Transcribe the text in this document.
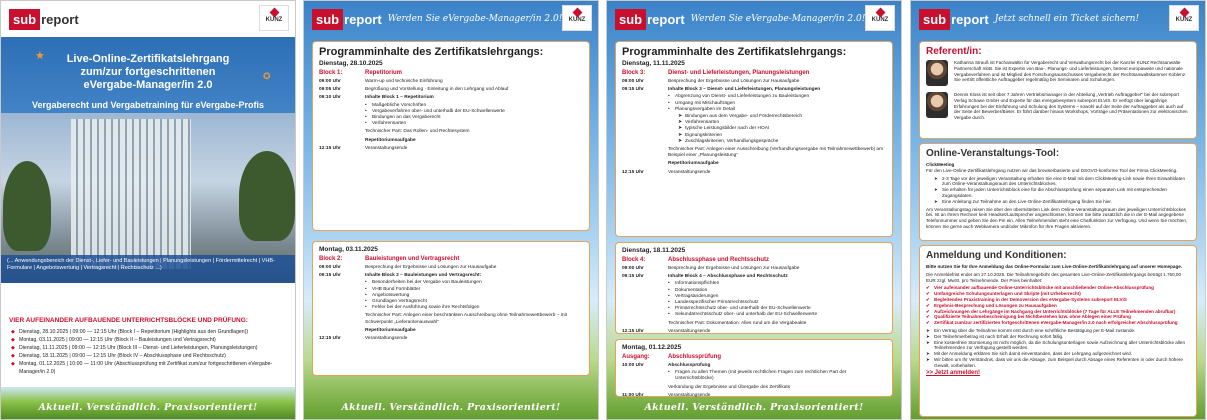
sub report	KUNZ
★
✪
Live-Online-Zertifikatslehrgang
zum/zur fortgeschrittenen
eVergabe-Manager/in 2.0
Vergaberecht und Vergabetraining für eVergabe-Profis
(... Anwendungsbereich der Dienst-, Liefer- und Bauleistungen | Planungsleistungen | Fördermittelrecht | VHB-Formulare | Angebotswertung | Vertragsrecht | Rechtsschutz ...)
VIER AUFEINANDER AUFBAUENDE UNTERRICHTSBLÖCKE UND PRÜFUNG:
◆ Dienstag, 28.10.2025 | 09:00 — 12:15 Uhr (Block I – Repetitorium (Highlights aus den Grundlagen))
◆ Montag, 03.11.2025 | 09:00 — 12:15 Uhr (Block II – Bauleistungen und Vertragsrecht)
◆ Dienstag, 11.11.2025 | 09:00 — 12:15 Uhr (Block III – Dienst- und Lieferleistungen, Planungsleistungen)
◆ Dienstag, 18.11.2025 | 09:00 — 12:15 Uhr (Block IV – Abschlussphase und Rechtsschutz)
◆ Montag, 01.12.2025 | 10:00 — 11:00 Uhr (Abschlussprüfung mit Zertifikat zum/zur fortgeschrittenen eVergabe-Manager/in 2.0)
Aktuell. Verständlich. Praxisorientiert!
sub report Werden Sie eVergabe-Manager/in 2.0!	KUNZ
Programminhalte des Zertifikatslehrgangs:
Dienstag, 28.10.2025
Block 1:	Repetitorium
09:00 Uhr	Warm-up und technische Einführung
09:05 Uhr	Begrüßung und Vorstellung · Einleitung in den Lehrgang und Ablauf
09:10 Uhr	Inhalte Block 1 – Repetitorium
• Maßgebliche Vorschriften
• Vergabeverfahren ober- und unterhalb der EU-Schwellenwerte
• Bindungen an das Vergaberecht
• Verfahrensarten
Technischer Part: Das Rollen- und Rechtesystem
Repetitoriumsaufgabe
12:15 Uhr	Veranstaltungsende
Montag, 03.11.2025
Block 2:	Bauleistungen und Vertragsrecht
09:00 Uhr	Besprechung der Ergebnisse und Lösungen zur Hausaufgabe
09:15 Uhr	Inhalte Block 2 – Bauleistungen und Vertragsrecht:
• Besonderheiten bei der Vergabe von Bauleistungen
• VHB Bund Formblätter
• Angebotswertung
• Grundlagen Vertragsrecht
• Fehler bei der Ausführung sowie ihre Rechtsfolgen
Technischer Part: Anlegen einer beschränkten Ausschreibung ohne Teilnahmewettbewerb – mit Schwerpunkt „Lieferantenauswahl“
Repetitoriumsaufgabe
12:15 Uhr	Veranstaltungsende
Aktuell. Verständlich. Praxisorientiert!
sub report Werden Sie eVergabe-Manager/in 2.0!	KUNZ
Programminhalte des Zertifikatslehrgangs:
Dienstag, 11.11.2025
Block 3:	Dienst- und Lieferleistungen, Planungsleistungen
09:00 Uhr	Besprechung der Ergebnisse und Lösungen zur Hausaufgabe
09:15 Uhr	Inhalte Block 3 – Dienst- und Lieferleistungen, Planungsleistungen
• Abgrenzung von Dienst- und Lieferleistungen zu Bauleistungen
• Umgang mit Mischaufträgen
• Planungsvergaben im Detail
➤ Bindungen aus dem Vergabe- und Förderrechtsbereich
➤ Verfahrensarten
➤ typische Leistungsbilder nach der HOAI
➤ Eignungskriterien
➤ Zuschlagskriterien, Verhandlungsgespräche
Technischer Part: Anlegen einer Ausschreibung (Verhandlungsvergabe mit Teilnahmewettbewerb) am Beispiel einer „Planungsleistung“
Repetitoriumsaufgabe
12:15 Uhr	Veranstaltungsende
Dienstag, 18.11.2025
Block 4:	Abschlussphase und Rechtsschutz
09:00 Uhr	Besprechung der Ergebnisse und Lösungen zur Hausaufgabe
09:15 Uhr	Inhalte Block 4 – Abschlussphase und Rechtsschutz
• Informationspflichten
• Dokumentation
• Vertragsänderungen
• Landesspezifischer Primärrechtsschutz
• Primärrechtsschutz ober- und unterhalb der EU-Schwellenwerte
• Sekundärrechtsschutz ober- und unterhalb der EU-Schwellenwerte
Technischer Part: Dokumentation: Alles rund um die Vergabeakte
12:15 Uhr	Veranstaltungsende
Montag, 01.12.2025
Ausgang:	Abschlussprüfung
10:00 Uhr	Abschlussprüfung
• Fragen zu allen Themen (mit jeweils rechtlichen Fragen zum rechtlichen Part der Unterrichtsblöcke)
Verkündung der Ergebnisse und Übergabe des Zertifikats
11:00 Uhr	Veranstaltungsende
Aktuell. Verständlich. Praxisorientiert!
sub report Jetzt schnell ein Ticket sichern!	KUNZ
Referent/in:
Katharina Strauß ist Fachanwältin für Vergaberecht und Verwaltungsrecht bei der Kanzlei KUNZ Rechtsanwälte Partnerschaft mbB. Sie ist Expertin von Bau-, Planungs- und Lieferleistungen, betreut europaweite und nationale Vergabeverfahren und ist Mitglied des Forschungsausschusses Vergaberecht der Rechtsanwaltskammer Koblenz. Sie vertritt öffentliche Auftraggeber regelmäßig bei Seminaren und Schulungen.
Dennis Kloss ist seit über 7 Jahren Vertriebsmanager in der Abteilung „Vertrieb Auftraggeber“ bei der subreport Verlag Schawe GmbH und Experte für das eVergabesystem subreport ELViS. Er verfügt über langjährige Erfahrungen bei der Einführung und Schulung des Systems – sowohl auf der Seite der Auftraggeber als auch auf der Seite der Bewerber/Bieter. Er führt darüber hinaus Workshops, Vorträge und Präsentationen zur elektronischen Vergabe durch.
Online-Veranstaltungs-Tool:
ClickMeeting
Für den Live-Online-Zertifikatslehrgang nutzen wir das browserbasierte und DSGVO-konforme Tool der Firma ClickMeeting.
➤ 2-3 Tage vor der jeweiligen Veranstaltung erhalten Sie eine E-Mail mit dem ClickMeeting-Link sowie Ihren Einwahldaten zum Online-Veranstaltungsraum des Unterrichtsblockes.
➤ Sie erhalten für jeden Unterrichtsblock eine für die Abschlussprüfung einen separaten Link mit entsprechenden Zugangsdaten.
➤ Eine Anleitung zur Teilnahme an den Live-Online-Zertifikatslehrgang finden Sie hier.
Am Veranstaltungstag reisen Sie über den übermittelten Link dem Online-Veranstaltungsraum des jeweiligen Unterrichtsblockes bei. Ist an Ihrem Rechner kein Headset/Lautsprecher angeschlossen, können Sie bitte zusätzlich die in der E-Mail angegebene Telefonnummer und geben Sie den Pin ein. Allen Teilnehmenden steht eine Chatfunktion zur Verfügung. Und wenn Sie möchten, können Sie gerne auch Webkamera und/oder Mikrofon für Ihre Fragen aktivieren.
Anmeldung und Konditionen:
Bitte nutzen Sie für Ihre Anmeldung das Online-Formular zum Live-Online-Zertifikatslehrgang auf unserer Homepage.
Die Anmeldefrist endet am 27.10.2025. Die Teilnahmegebühr des gesamten Live-Online-Zertifikatslehrgangs beträgt 1.750,00 EUR zzgl. MwSt. pro Teilnehmende. Der Preis beinhaltet:
✔ Vier aufeinander aufbauende Online-Unterrichtsblöcke mit anschließender Online-Abschlussprüfung
✔ Umfangreiche Schulungsunterlagen und Skripte (mit Urheberrecht)
✔ Begleitendes Praxistraining in der Demoversion des eVergabe-Systems subreport ELViS
✔ Ergebnis-Besprechung und Lösungen zu Hausaufgaben
✔ Aufzeichnungen der Lehrgänge im Nachgang der Unterrichtsblöcke (7 Tage für ALLE Teilnehmenden abrufbar)
✔ Qualifizierte Teilnahmebescheinigung bei Nichtbestehen bzw. ohne Ablegen einer Prüfung
✔ Zertifikat zum/zur zertifizierten fortgeschrittenen eVergabe-Manager/in 2.0 nach erfolgreicher Abschlussprüfung
➤ Ein Vertrag über die Teilnahme kommt erst durch eine schriftliche Bestätigung per E-Mail zustande.
➤ Der Teilnehmerbetrag ist nach Erhalt der Rechnung sofort fällig.
➤ Eine kostenfreie Stornierung ist nicht möglich, da die Schulungsunterlagen sowie Aufzeichnung aller Unterrichtsblöcke allen Teilnehmenden zur Verfügung gestellt werden.
➤ Mit der Anmeldung erklären Sie sich damit einverstanden, dass der Lehrgang aufgezeichnet wird.
➤ Wir bitten um Ihr Verständnis, dass wir uns die Absage, zum Beispiel durch Absage eines Referenten in oder durch höhere Gewalt, vorbehalten.
>> Jetzt anmelden!
